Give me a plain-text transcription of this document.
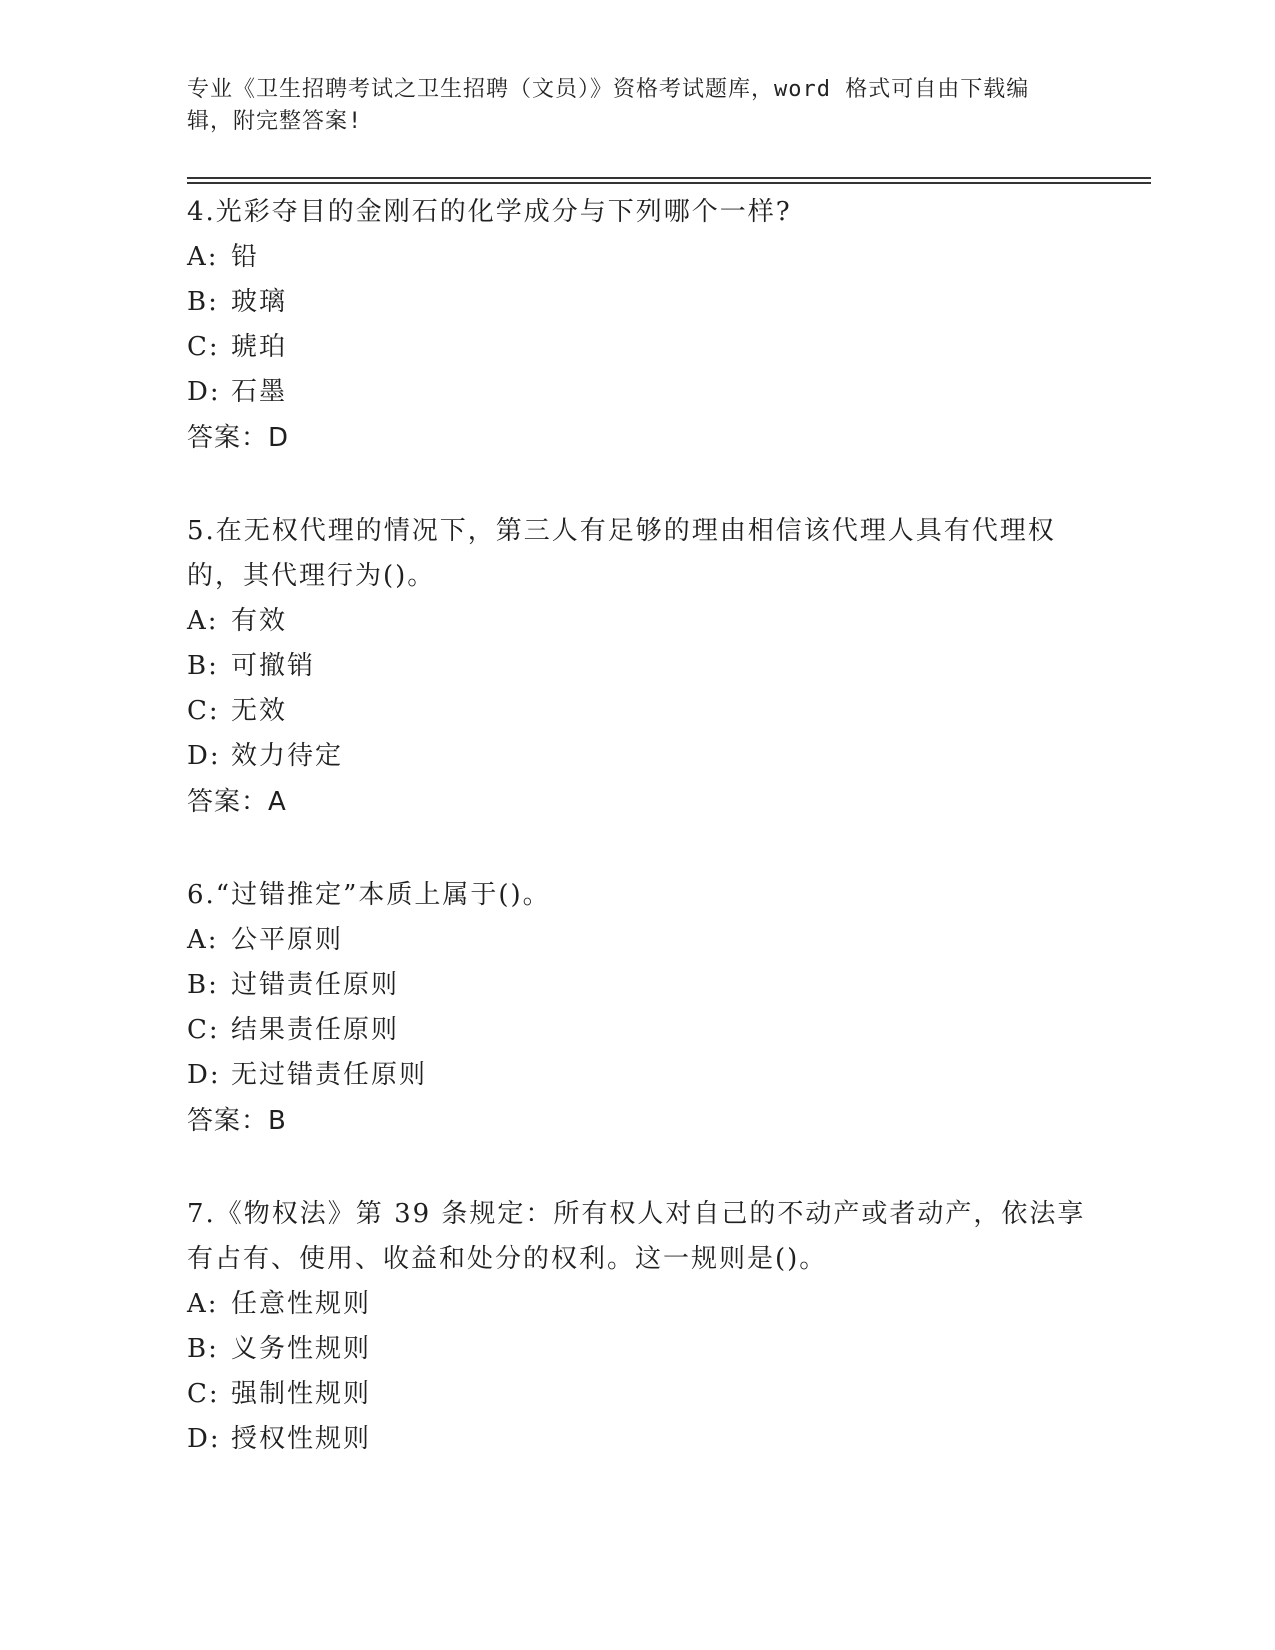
专业《卫生招聘考试之卫生招聘（文员）》资格考试题库，word 格式可自由下载编辑，附完整答案!

4.光彩夺目的金刚石的化学成分与下列哪个一样?

A: 铅

B: 玻璃

C: 琥珀

D: 石墨

答案：D

5.在无权代理的情况下，第三人有足够的理由相信该代理人具有代理权的，其代理行为()。

A: 有效

B: 可撤销

C: 无效

D: 效力待定

答案：A

6.“过错推定”本质上属于()。

A: 公平原则

B: 过错责任原则

C: 结果责任原则

D: 无过错责任原则

答案：B

7.《物权法》第 39 条规定：所有权人对自己的不动产或者动产，依法享有占有、使用、收益和处分的权利。这一规则是()。

A: 任意性规则

B: 义务性规则

C: 强制性规则

D: 授权性规则
